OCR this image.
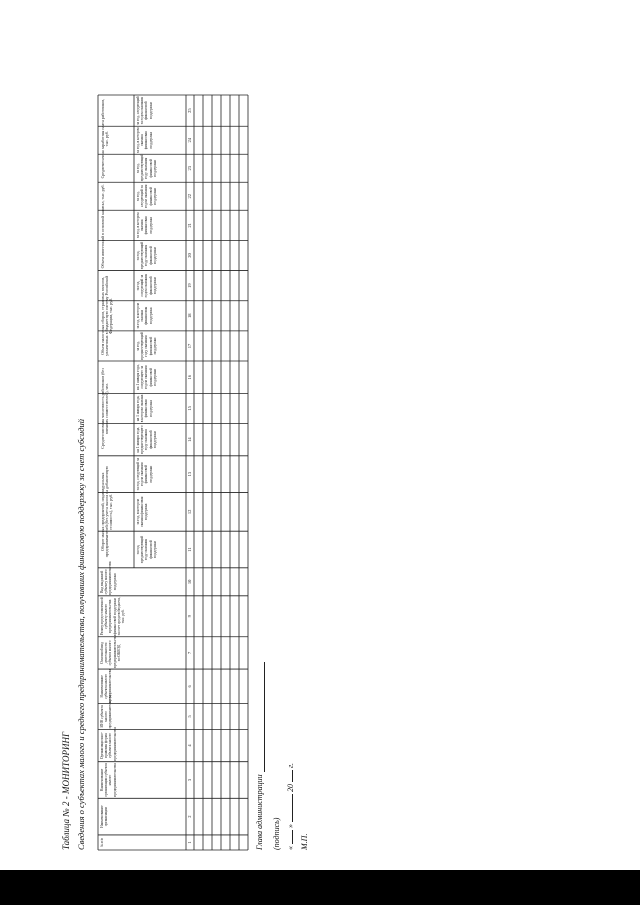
Таблица № 2 - МОНИТОРИНГ Сведения о субъектах малого и среднего предпринимательства, получивших финансовую поддержку за счет субсидий	№ п/п
Наименование организации
Наименование организации субъекта малого предпринимательства
Организационно-правовая форма субъекта малого предпринимательства
ИНН субъекта малого предпринимательства
Наименование субъекта малого предпринимательства
Основной вид деятельности субъекта малого предпринимательства по ОКВЭД
Размер предоставленной субъекту малого предпринимательства финансовой поддержки за счет средств бюджета, тыс. руб.
Вид выданной субъекту малого предпринимательства поддержки
Оборот малых предприятий, индивидуальных предпринимателей (без учета налога на добавленную стоимость), тыс. руб.
Среднесписочная численность работников (без внешних совместителей), чел.
Объем налоговых сборов, страховых взносов, уплаченных в бюджетную систему Российской Федерации, тыс. руб.
Объем инвестиций в основной капитал, тыс. руб.
Среднемесячная заработная плата работников, тыс. руб.
за год, предшествующий году оказания финансовой поддержки
за год, в котором оказана финансовая поддержка
за год, следующий за годом оказания финансовой поддержки
на 1 января года, предшествующего году оказания финансовой поддержки
на 1 января года, в котором оказана финансовая поддержка
на 1 января года, следующего за годом оказания финансовой поддержки
за год, предшествующий году оказания финансовой поддержки
за год, в котором оказана финансовая поддержка
за год, следующий за годом оказания финансовой поддержки
за год, предшествующий году оказания финансовой поддержки
за год, в котором оказана финансовая поддержка
за год, следующий за годом оказания финансовой поддержки
за год, предшествующий году оказания финансовой поддержки
за год, в котором оказана финансовая поддержка
за год, следующий за годом оказания финансовой поддержки
1
2
3
4
5
6
7
9
10
11
12
13
14
15
16
17
18
19
20
21
22
23
24
25
Глава администрации (подпись) «  »  20  г.
М.П.
